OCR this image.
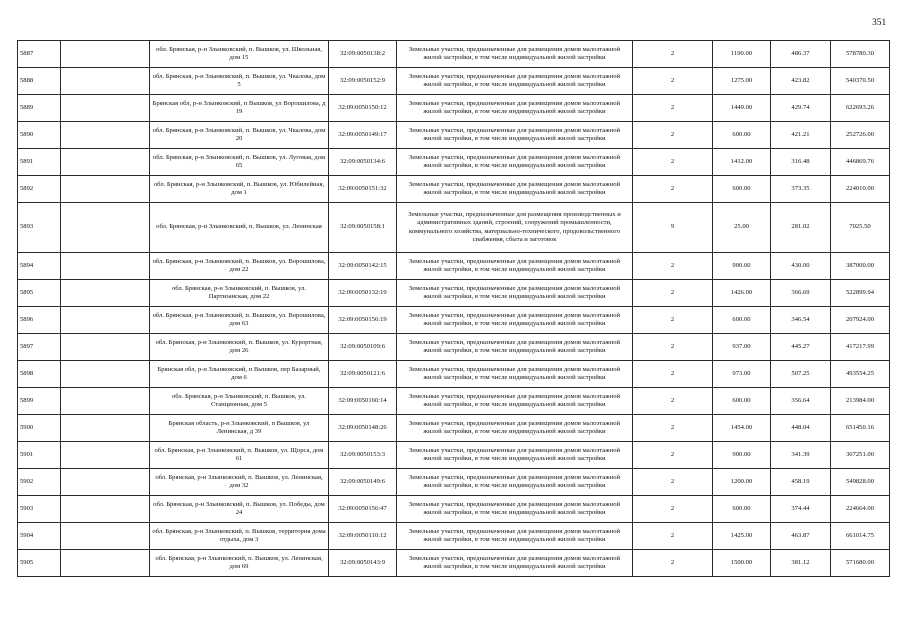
351
5887		обл. Брянская, р-н Злынковский, п. Вышков, ул. Школьная, дом 15	32:09:0050138:2	Земельные участки, предназначенные для размещения домов малоэтажной жилой застройки, в том числе индивидуальной жилой застройки	2	1190.00	486.37	578780.30
5888		обл. Брянская, р-н Злынковский, п. Вышков, ул. Чкалова, дом 5	32:09:0050152:9	Земельные участки, предназначенные для размещения домов малоэтажной жилой застройки, в том числе индивидуальной жилой застройки	2	1275.00	423.82	540370.50
5889		Брянская обл, р-н Злынковский, п Вышков, ул Ворошилова, д 19	32:09:0050150:12	Земельные участки, предназначенные для размещения домов малоэтажной жилой застройки, в том числе индивидуальной жилой застройки	2	1449.00	429.74	622693.26
5890		обл. Брянская, р-н Злынковский, п. Вышков, ул. Чкалова, дом 20	32:09:0050149:17	Земельные участки, предназначенные для размещения домов малоэтажной жилой застройки, в том числе индивидуальной жилой застройки	2	600.00	421.21	252726.00
5891		обл. Брянская, р-н Злынковский, п. Вышков, ул. Луговая, дом 65	32:09:0050134:6	Земельные участки, предназначенные для размещения домов малоэтажной жилой застройки, в том числе индивидуальной жилой застройки	2	1412.00	316.48	446869.76
5892		обл. Брянская, р-н Злынковский, п. Вышков, ул. Юбилейная, дом 1	32:09:0050151:32	Земельные участки, предназначенные для размещения домов малоэтажной жилой застройки, в том числе индивидуальной жилой застройки	2	600.00	373.35	224010.00
5893		обл. Брянская, р-н Злынковский, п. Вышков, ул. Ленинская	32:09:0050158:1	Земельные участки, предназначенные для размещения производственных и административных зданий, строений, сооружений промышленности, коммунального хозяйства, материально-технического, продовольственного снабжения, сбыта и заготовок	9	25.00	281.02	7025.50
5894		обл. Брянская, р-н Злынковский, п. Вышков, ул. Ворошилова, дом 22	32:09:0050142:15	Земельные участки, предназначенные для размещения домов малоэтажной жилой застройки, в том числе индивидуальной жилой застройки	2	900.00	430.00	387000.00
5895		обл. Брянская, р-н Злынковский, п. Вышков, ул. Партизанская, дом 22	32:09:0050132:19	Земельные участки, предназначенные для размещения домов малоэтажной жилой застройки, в том числе индивидуальной жилой застройки	2	1426.00	366.69	522899.94
5896		обл. Брянская, р-н Злынковский, п. Вышков, ул. Ворошилова, дом 63	32:09:0050156:19	Земельные участки, предназначенные для размещения домов малоэтажной жилой застройки, в том числе индивидуальной жилой застройки	2	600.00	346.54	207924.00
5897		обл. Брянская, р-н Злынковский, п. Вышков, ул. Курортная, дом 26	32:09:0050109:6	Земельные участки, предназначенные для размещения домов малоэтажной жилой застройки, в том числе индивидуальной жилой застройки	2	937.00	445.27	417217.99
5898		Брянская обл, р-н Злынковский, п Вышков, пер Базарный, дом 6	32:09:0050121:6	Земельные участки, предназначенные для размещения домов малоэтажной жилой застройки, в том числе индивидуальной жилой застройки	2	973.00	507.25	493554.25
5899		обл. Брянская, р-н Злынковский, п. Вышков, ул. Станционная, дом 5	32:09:0050160:14	Земельные участки, предназначенные для размещения домов малоэтажной жилой застройки, в том числе индивидуальной жилой застройки	2	600.00	356.64	213984.00
5900		Брянская область, р-н Злынковский, п Вышков, ул Ленинская, д 39	32:09:0050148:26	Земельные участки, предназначенные для размещения домов малоэтажной жилой застройки, в том числе индивидуальной жилой застройки	2	1454.00	448.04	651450.16
5901		обл. Брянская, р-н Злынковский, п. Вышков, ул. Щорса, дом 61	32:09:0050153:3	Земельные участки, предназначенные для размещения домов малоэтажной жилой застройки, в том числе индивидуальной жилой застройки	2	900.00	341.39	307251.00
5902		обл. Брянская, р-н Злынковский, п. Вышков, ул. Ленинская, дом 32	32:09:0050149:6	Земельные участки, предназначенные для размещения домов малоэтажной жилой застройки, в том числе индивидуальной жилой застройки	2	1200.00	458.19	549828.00
5903		обл. Брянская, р-н Злынковский, п. Вышков, ул. Победы, дом 24	32:09:0050156:47	Земельные участки, предназначенные для размещения домов малоэтажной жилой застройки, в том числе индивидуальной жилой застройки	2	600.00	374.44	224664.00
5904		обл. Брянская, р-н Злынковский, п. Вышков, территория дома отдыха, дом 3	32:09:0050110:12	Земельные участки, предназначенные для размещения домов малоэтажной жилой застройки, в том числе индивидуальной жилой застройки	2	1425.00	463.87	661014.75
5905		обл. Брянская, р-н Злынковский, п. Вышков, ул. Ленинская, дом 69	32:09:0050143:9	Земельные участки, предназначенные для размещения домов малоэтажной жилой застройки, в том числе индивидуальной жилой застройки	2	1500.00	381.12	571680.00
